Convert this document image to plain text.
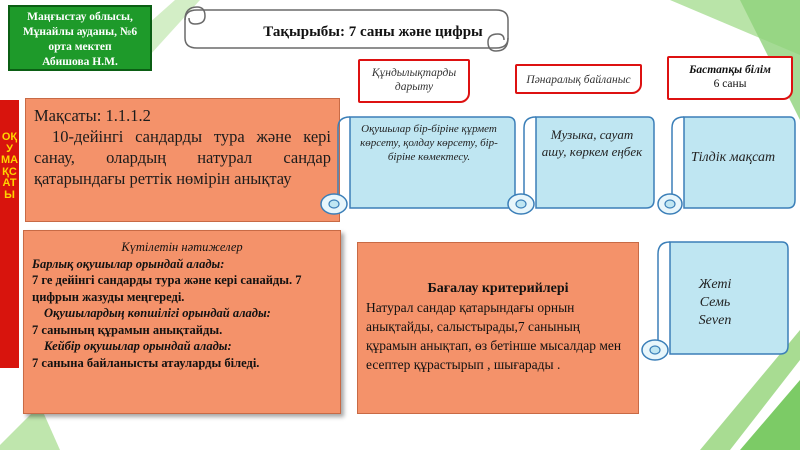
Маңғыстау облысы,
Мұнайлы ауданы, №6
орта мектеп
Абишова Н.М.
Тақырыбы: 7 саны және цифры
Құндылықтарды дарыту
Пәнаралық байланыс
Бастапқы білім
6 саны
ОҚУ МАҚСАТЫ
Мақсаты: 1.1.1.2
10-дейінгі сандарды тура және кері санау, олардың натурал сандар қатарындағы реттік нөмірін анықтау
Оқушылар бір-біріне құрмет көрсету, қолдау көрсету, бір-біріне көмектесу.
Музыка, сауат ашу, көркем еңбек	Тілдік мақсат
Жеті
Семь
Seven
Күтілетін нәтижелер
Барлық оқушылар орындай алады:
7 ге дейінгі сандарды тура және кері санайды. 7 цифрын жазуды меңгереді.
Оқушылардың көпшілігі орындай алады:
7 санының құрамын анықтайды.
Кейбір оқушылар орындай алады:
7 санына байланысты атауларды біледі.
Бағалау критерийлері
Натурал сандар қатарындағы орнын анықтайды, салыстырады,7 санының құрамын анықтап, өз бетінше мысалдар мен есептер құрастырып , шығарады .
